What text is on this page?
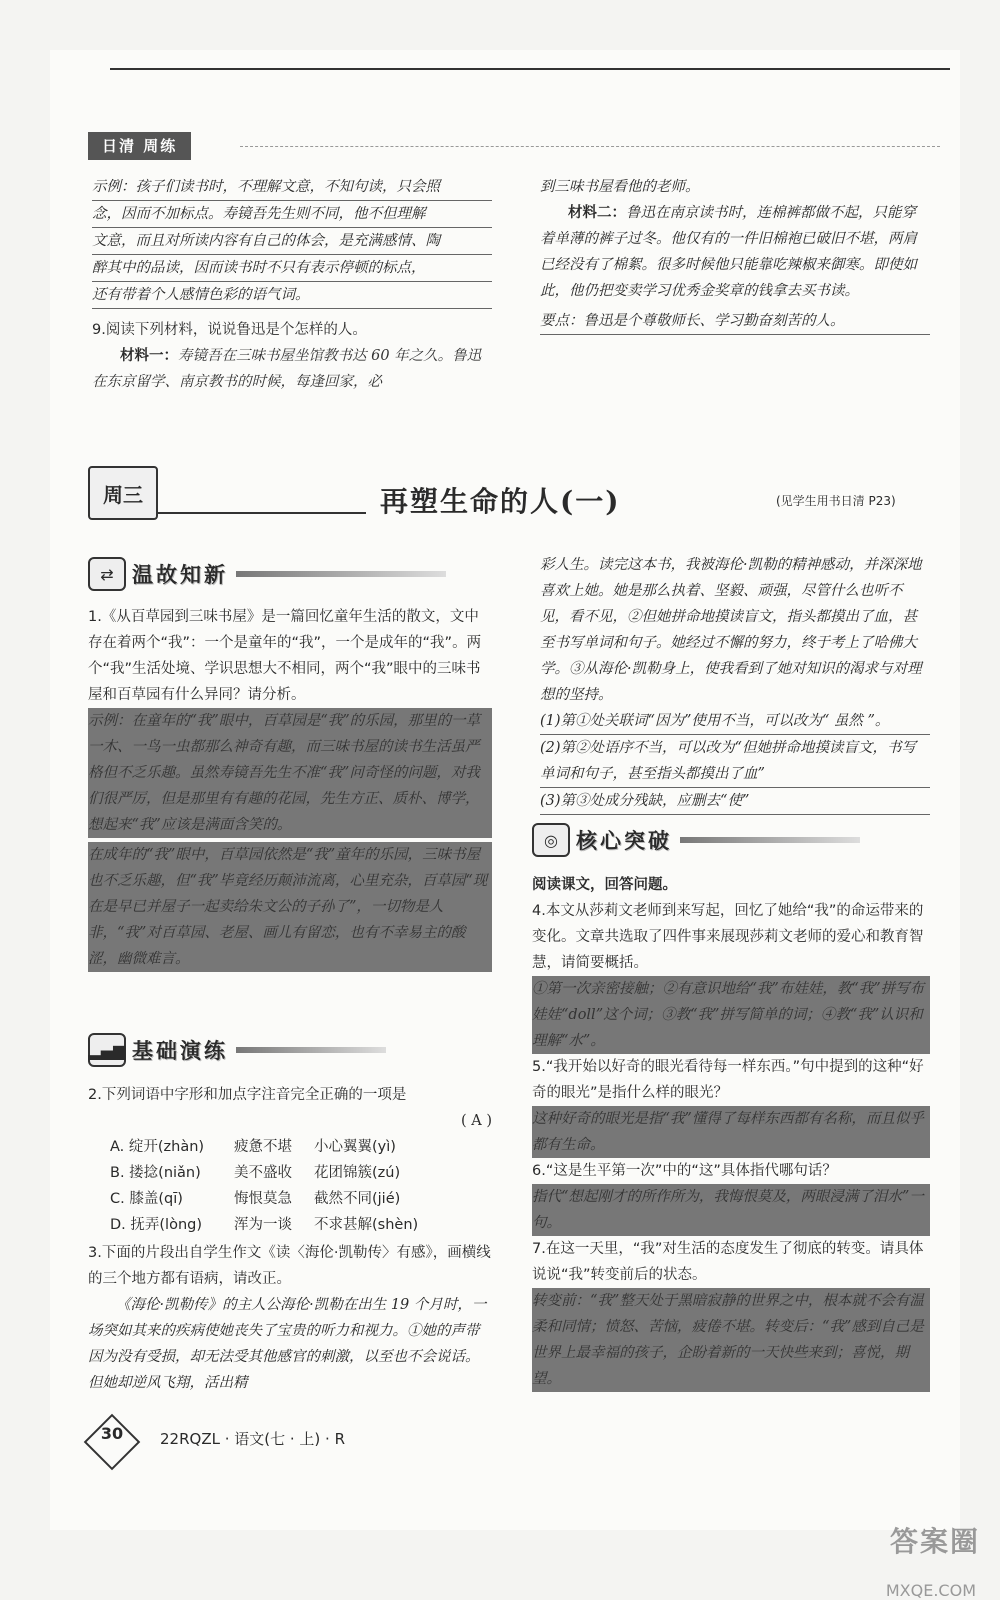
日清 周练
示例：孩子们读书时，不理解文意，不知句读，只会照
念，因而不加标点。寿镜吾先生则不同，他不但理解
文意，而且对所读内容有自己的体会，是充满感情、陶
醉其中的品读，因而读书时不只有表示停顿的标点，
还有带着个人感情色彩的语气词。

9.阅读下列材料，说说鲁迅是个怎样的人。

材料一：寿镜吾在三味书屋坐馆教书达 60 年之久。鲁迅在东京留学、南京教书的时候，每逢回家，必

到三味书屋看他的老师。

材料二：鲁迅在南京读书时，连棉裤都做不起，只能穿着单薄的裤子过冬。他仅有的一件旧棉袍已破旧不堪，两肩已经没有了棉絮。很多时候他只能靠吃辣椒来御寒。即使如此，他仍把变卖学习优秀金奖章的钱拿去买书读。

要点：鲁迅是个尊敬师长、学习勤奋刻苦的人。

周三	再塑生命的人(一)	(见学生用书日清 P23)
⇄ 温故知新

1.《从百草园到三味书屋》是一篇回忆童年生活的散文，文中存在着两个“我”：一个是童年的“我”，一个是成年的“我”。两个“我”生活处境、学识思想大不相同，两个“我”眼中的三味书屋和百草园有什么异同？请分析。

示例：在童年的“我”眼中，百草园是“我”的乐园，那里的一草一木、一鸟一虫都那么神奇有趣，而三味书屋的读书生活虽严格但不乏乐趣。虽然寿镜吾先生不准“我”问奇怪的问题，对我们很严厉，但是那里有有趣的花园，先生方正、质朴、博学，想起来“我”应该是满面含笑的。

在成年的“我”眼中，百草园依然是“我”童年的乐园，三味书屋也不乏乐趣，但“我”毕竟经历颠沛流离，心里充杂，百草园“现在是早已并屋子一起卖给朱文公的子孙了”，一切物是人非，“我”对百草园、老屋、画儿有留恋，也有不幸易主的酸涩，幽微难言。

▂▄▆ 基础演练

2.下列词语中字形和加点字注音完全正确的一项是

( A )

A. 绽开(zhàn)	疲惫不堪	小心翼翼(yì)
B. 搂捻(niǎn)	美不盛收	花团锦簇(zú)
C. 膝盖(qī)	悔恨莫急	截然不同(jié)
D. 抚弄(lòng)	浑为一谈	不求甚解(shèn)

3.下面的片段出自学生作文《读〈海伦·凯勒传〉有感》，画横线的三个地方都有语病，请改正。

《海伦·凯勒传》的主人公海伦·凯勒在出生 19 个月时，一场突如其来的疾病使她丧失了宝贵的听力和视力。①她的声带因为没有受损，却无法受其他感官的刺激，以至也不会说话。但她却逆风飞翔，活出精

彩人生。读完这本书，我被海伦·凯勒的精神感动，并深深地喜欢上她。她是那么执着、坚毅、顽强，尽管什么也听不见，看不见，②但她拼命地摸读盲文，指头都摸出了血，甚至书写单词和句子。她经过不懈的努力，终于考上了哈佛大学。③从海伦·凯勒身上，使我看到了她对知识的渴求与对理想的坚持。

(1)第①处关联词“因为”使用不当，可以改为“ 虽然 ”。

(2)第②处语序不当，可以改为“但她拼命地摸读盲文，书写单词和句子，甚至指头都摸出了血”

(3)第③处成分残缺，应删去“使”

◎ 核心突破

阅读课文，回答问题。

4.本文从莎莉文老师到来写起，回忆了她给“我”的命运带来的变化。文章共选取了四件事来展现莎莉文老师的爱心和教育智慧，请简要概括。

①第一次亲密接触；②有意识地给“我”布娃娃，教“我”拼写布娃娃“doll”这个词；③教“我”拼写简单的词；④教“我”认识和理解“水”。

5.“我开始以好奇的眼光看待每一样东西。”句中提到的这种“好奇的眼光”是指什么样的眼光？

这种好奇的眼光是指“我”懂得了每样东西都有名称，而且似乎都有生命。

6.“这是生平第一次”中的“这”具体指代哪句话？

指代“想起刚才的所作所为，我悔恨莫及，两眼浸满了泪水”一句。

7.在这一天里，“我”对生活的态度发生了彻底的转变。请具体说说“我”转变前后的状态。

转变前：“我”整天处于黑暗寂静的世界之中，根本就不会有温柔和同情；愤怒、苦恼，疲倦不堪。转变后：“我”感到自己是世界上最幸福的孩子，企盼着新的一天快些来到；喜悦，期望。

30	22RQZL · 语文(七 · 上) · R
答案圈
MXQE.COM
